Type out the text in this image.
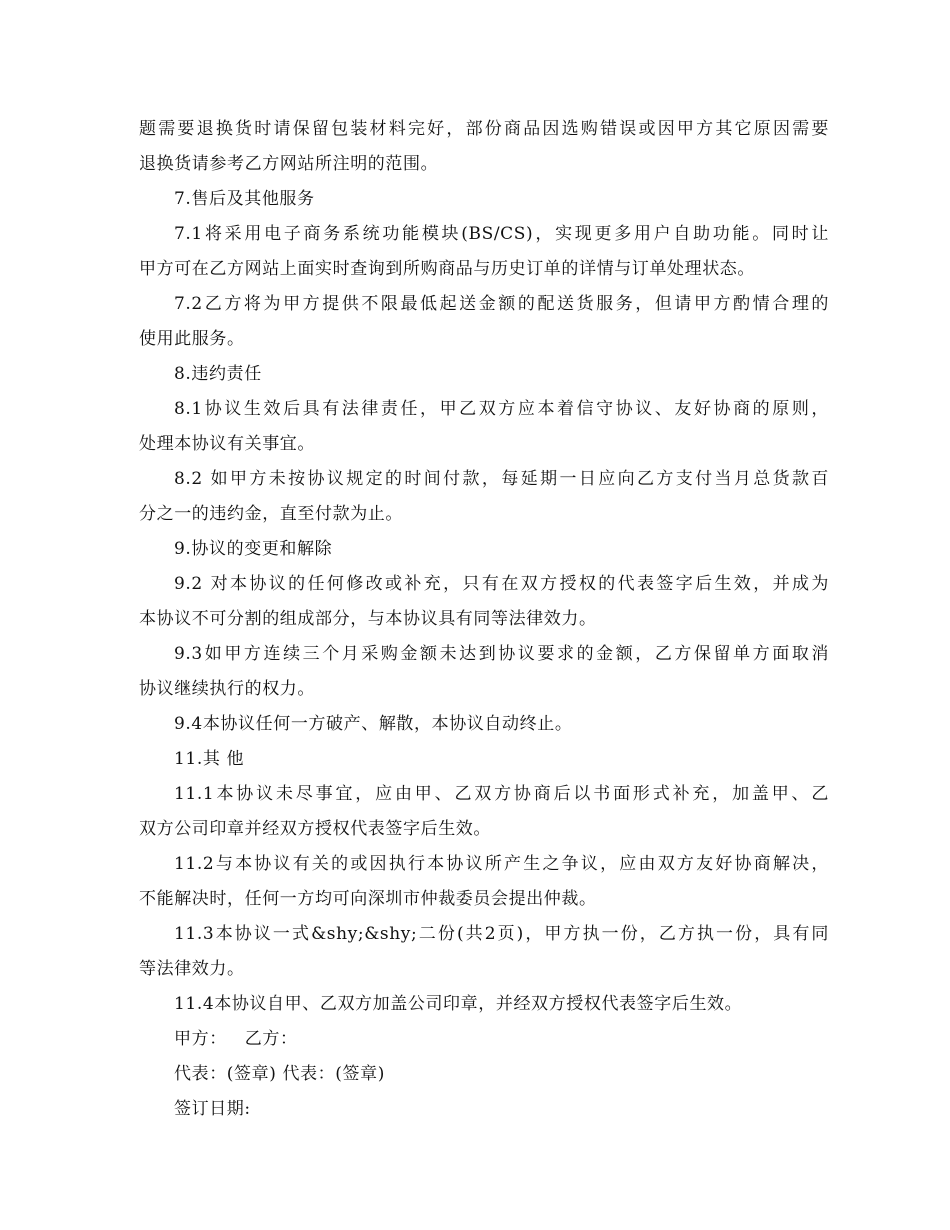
题需要退换货时请保留包装材料完好，部份商品因选购错误或因甲方其它原因需要
退换货请参考乙方网站所注明的范围。
7.售后及其他服务
7.1将采用电子商务系统功能模块(BS/CS)，实现更多用户自助功能。同时让
甲方可在乙方网站上面实时查询到所购商品与历史订单的详情与订单处理状态。
7.2乙方将为甲方提供不限最低起送金额的配送货服务，但请甲方酌情合理的
使用此服务。
8.违约责任
8.1协议生效后具有法律责任，甲乙双方应本着信守协议、友好协商的原则，
处理本协议有关事宜。
8.2 如甲方未按协议规定的时间付款，每延期一日应向乙方支付当月总货款百
分之一的违约金，直至付款为止。
9.协议的变更和解除
9.2 对本协议的任何修改或补充，只有在双方授权的代表签字后生效，并成为
本协议不可分割的组成部分，与本协议具有同等法律效力。
9.3如甲方连续三个月采购金额未达到协议要求的金额，乙方保留单方面取消
协议继续执行的权力。
9.4本协议任何一方破产、解散，本协议自动终止。
11.其 他
11.1本协议未尽事宜，应由甲、乙双方协商后以书面形式补充，加盖甲、乙
双方公司印章并经双方授权代表签字后生效。
11.2与本协议有关的或因执行本协议所产生之争议，应由双方友好协商解决，
不能解决时，任何一方均可向深圳市仲裁委员会提出仲裁。
11.3本协议一式&shy;&shy;二份(共2页)，甲方执一份，乙方执一份，具有同
等法律效力。
11.4本协议自甲、乙双方加盖公司印章，并经双方授权代表签字后生效。
甲方：   乙方：
代表：(签章) 代表：(签章)
签订日期:
